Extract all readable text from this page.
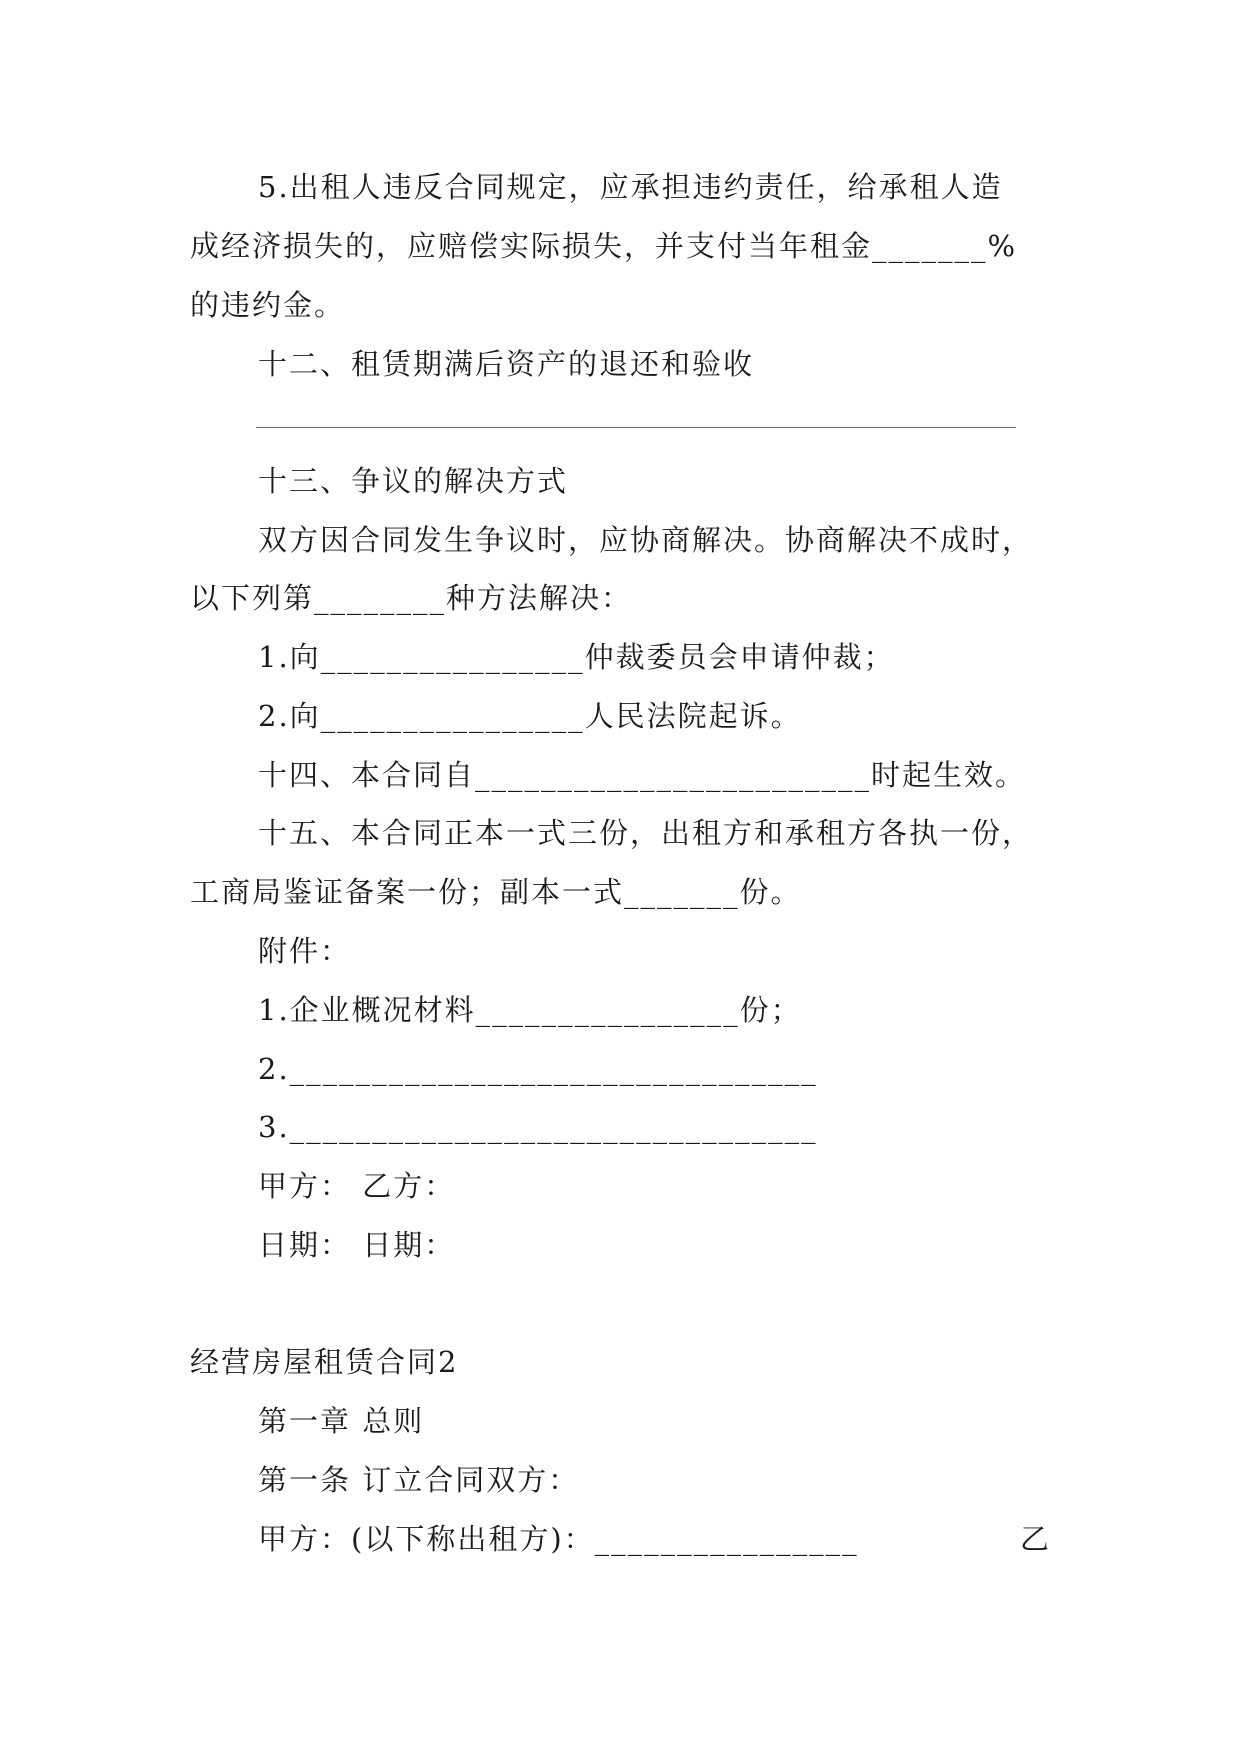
5.出租人违反合同规定，应承担违约责任，给承租人造
成经济损失的，应赔偿实际损失，并支付当年租金_______%
的违约金。
十二、租赁期满后资产的退还和验收
十三、争议的解决方式
双方因合同发生争议时，应协商解决。协商解决不成时，
以下列第________种方法解决：
1.向________________仲裁委员会申请仲裁；
2.向________________人民法院起诉。
十四、本合同自________________________时起生效。
十五、本合同正本一式三份，出租方和承租方各执一份，
工商局鉴证备案一份；副本一式_______份。
附件：
1.企业概况材料________________份；
2.________________________________
3.________________________________
甲方： 乙方：
日期： 日期：
经营房屋租赁合同2
第一章 总则
第一条 订立合同双方：
甲方：(以下称出租方)：________________	乙
